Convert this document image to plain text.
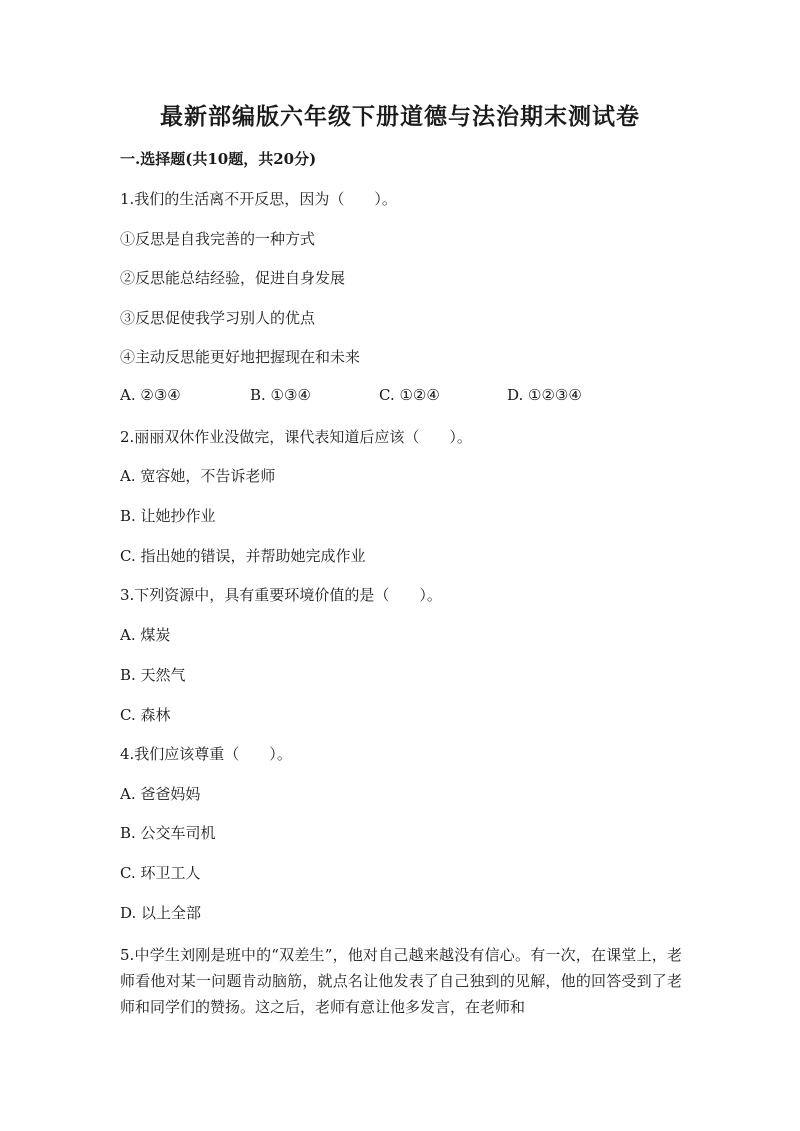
最新部编版六年级下册道德与法治期末测试卷
一.选择题(共10题，共20分)
1.我们的生活离不开反思，因为（　　）。
①反思是自我完善的一种方式
②反思能总结经验，促进自身发展
③反思促使我学习别人的优点
④主动反思能更好地把握现在和未来
A. ②③④	B. ①③④	C. ①②④	D. ①②③④
2.丽丽双休作业没做完，课代表知道后应该（　　）。
A. 宽容她，不告诉老师
B. 让她抄作业
C. 指出她的错误，并帮助她完成作业
3.下列资源中，具有重要环境价值的是（　　）。
A. 煤炭
B. 天然气
C. 森林
4.我们应该尊重（　　）。
A. 爸爸妈妈
B. 公交车司机
C. 环卫工人
D. 以上全部
5.中学生刘刚是班中的“双差生”，他对自己越来越没有信心。有一次，在课堂上，老师看他对某一问题肯动脑筋，就点名让他发表了自己独到的见解，他的回答受到了老师和同学们的赞扬。这之后，老师有意让他多发言，在老师和
